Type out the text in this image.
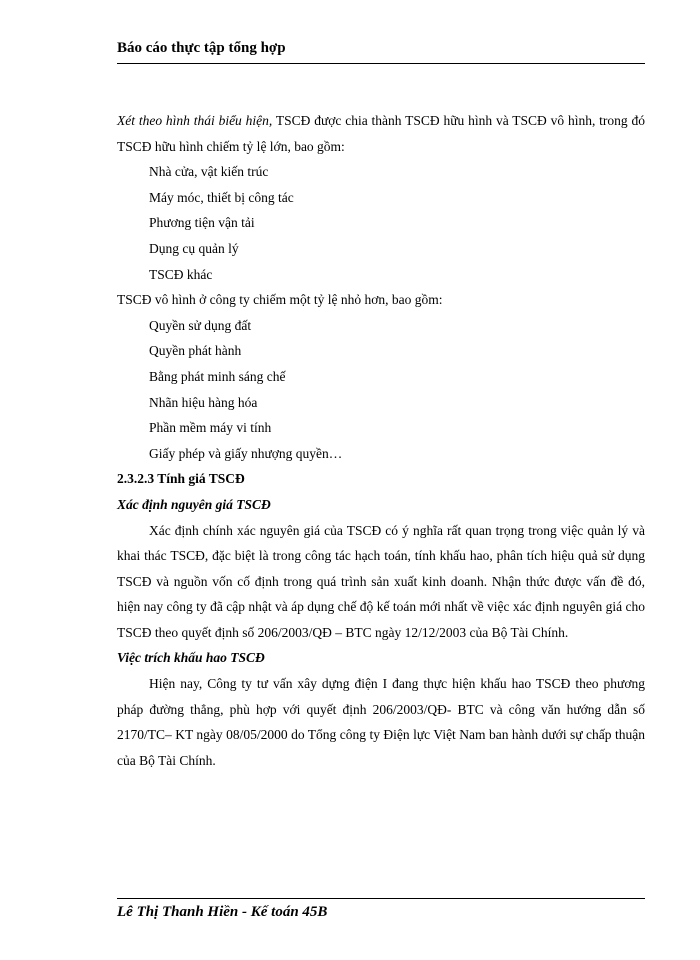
Báo cáo thực tập tổng hợp

Xét theo hình thái biểu hiện, TSCĐ được chia thành TSCĐ hữu hình và TSCĐ vô hình, trong đó TSCĐ hữu hình chiếm tỷ lệ lớn, bao gồm:

Nhà cửa, vật kiến trúc

Máy móc, thiết bị công tác

Phương tiện vận tải

Dụng cụ quản lý

TSCĐ khác

TSCĐ vô hình ở công ty chiếm một tỷ lệ nhỏ hơn, bao gồm:

Quyền sử dụng đất

Quyền phát hành

Bằng phát minh sáng chế

Nhãn hiệu hàng hóa

Phần mềm máy vi tính

Giấy phép và giấy nhượng quyền…

2.3.2.3 Tính giá TSCĐ

Xác định nguyên giá TSCĐ

Xác định chính xác nguyên giá của TSCĐ có ý nghĩa rất quan trọng trong việc quản lý và khai thác TSCĐ, đặc biệt là trong công tác hạch toán, tính khấu hao, phân tích hiệu quả sử dụng TSCĐ và nguồn vốn cố định trong quá trình sản xuất kinh doanh. Nhận thức được vấn đề đó, hiện nay công ty đã cập nhật và áp dụng chế độ kế toán mới nhất về việc xác định nguyên giá cho TSCĐ theo quyết định số 206/2003/QĐ – BTC ngày 12/12/2003 của Bộ Tài Chính.

Việc trích khấu hao TSCĐ

Hiện nay, Công ty tư vấn xây dựng điện I đang thực hiện khấu hao TSCĐ theo phương pháp đường thẳng, phù hợp với quyết định 206/2003/QĐ- BTC và công văn hướng dẫn số 2170/TC– KT ngày 08/05/2000 do Tổng công ty Điện lực Việt Nam ban hành dưới sự chấp thuận của Bộ Tài Chính.

Lê Thị Thanh Hiền - Kế toán 45B
